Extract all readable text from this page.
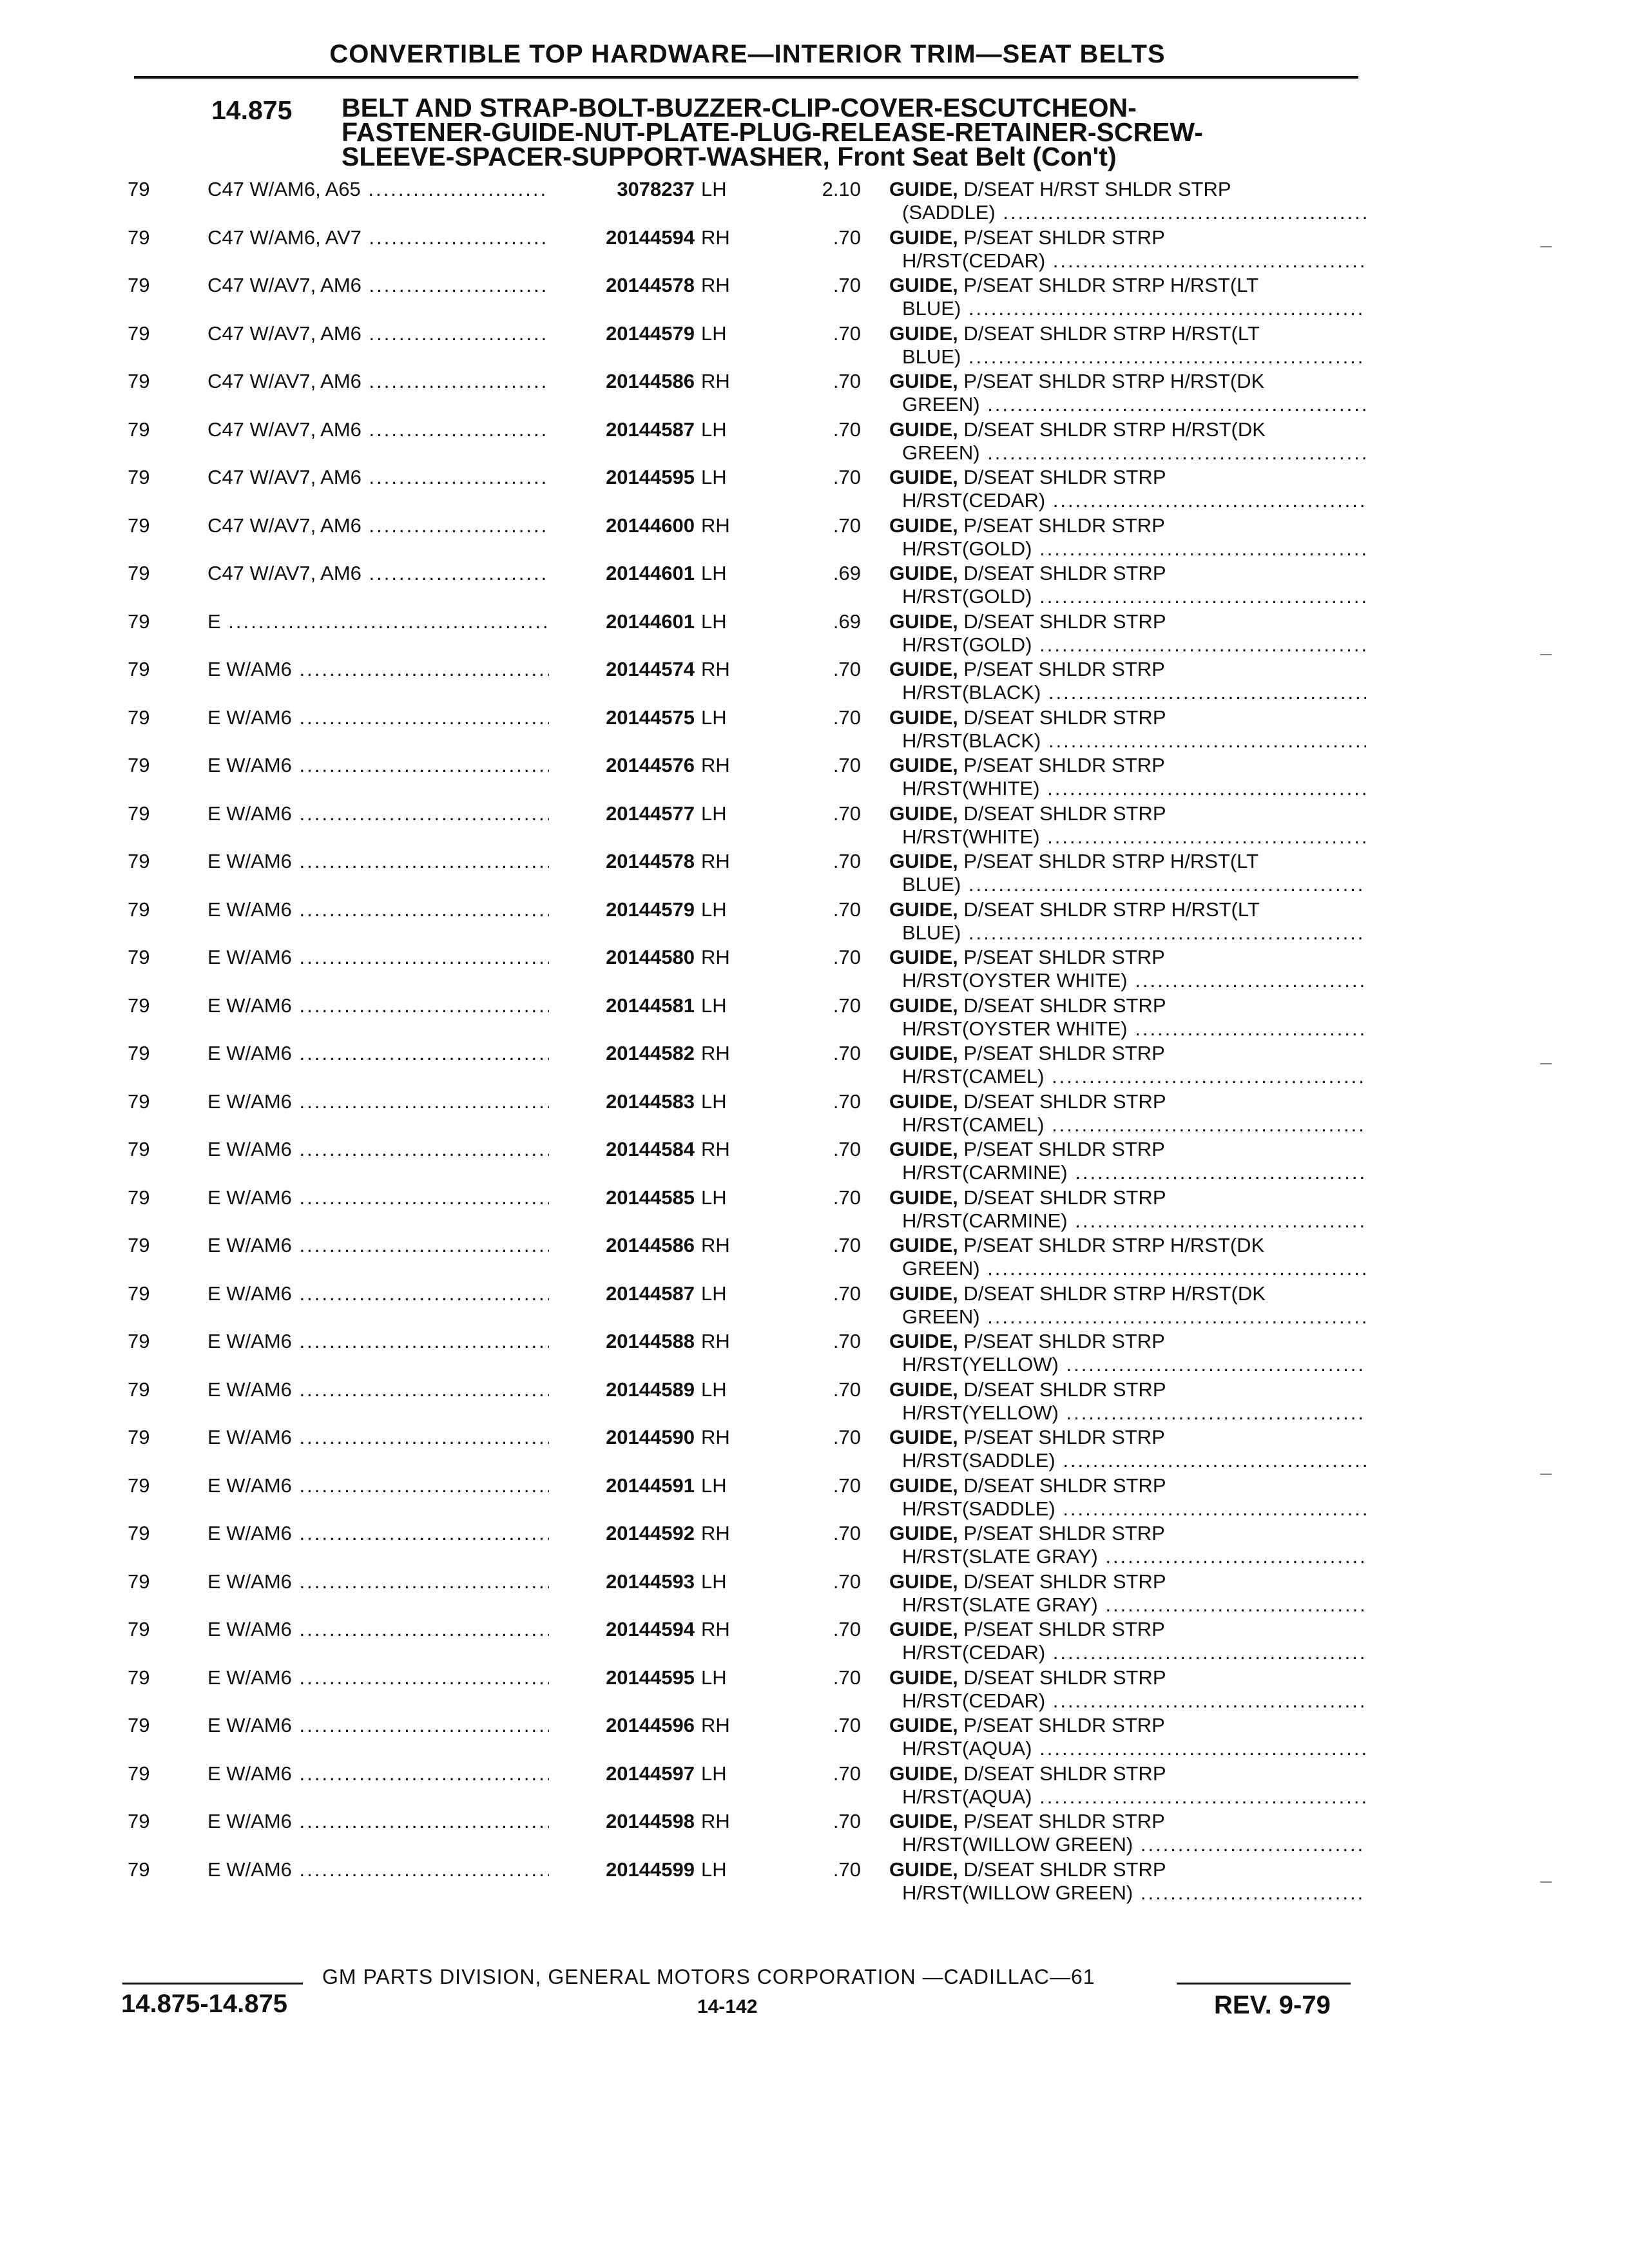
CONVERTIBLE TOP HARDWARE—INTERIOR TRIM—SEAT BELTS
14.875 BELT AND STRAP-BOLT-BUZZER-CLIP-COVER-ESCUTCHEON-
FASTENER-GUIDE-NUT-PLATE-PLUG-RELEASE-RETAINER-SCREW-
SLEEVE-SPACER-SUPPORT-WASHER, Front Seat Belt (Con't)
79	C47 W/AM6, A65 .....	3078237 LH	2.10 GUIDE, D/SEAT H/RST SHLDR STRP
(SADDLE) .....
79	C47 W/AM6, AV7 .....	20144594 RH	.70 GUIDE, P/SEAT SHLDR STRP
H/RST(CEDAR) .....
79	C47 W/AV7, AM6 .....	20144578 RH	.70 GUIDE, P/SEAT SHLDR STRP H/RST(LT
BLUE) .....
79	C47 W/AV7, AM6 .....	20144579 LH	.70 GUIDE, D/SEAT SHLDR STRP H/RST(LT
BLUE) .....
79	C47 W/AV7, AM6 .....	20144586 RH	.70 GUIDE, P/SEAT SHLDR STRP H/RST(DK
GREEN) .....
79	C47 W/AV7, AM6 .....	20144587 LH	.70 GUIDE, D/SEAT SHLDR STRP H/RST(DK
GREEN) .....
79	C47 W/AV7, AM6 .....	20144595 LH	.70 GUIDE, D/SEAT SHLDR STRP
H/RST(CEDAR) .....
79	C47 W/AV7, AM6 .....	20144600 RH	.70 GUIDE, P/SEAT SHLDR STRP
H/RST(GOLD) .....
79	C47 W/AV7, AM6 .....	20144601 LH	.69 GUIDE, D/SEAT SHLDR STRP
H/RST(GOLD) .....
79	E .....	20144601 LH	.69 GUIDE, D/SEAT SHLDR STRP
H/RST(GOLD) .....
79	E W/AM6 .....	20144574 RH	.70 GUIDE, P/SEAT SHLDR STRP
H/RST(BLACK) .....
79	E W/AM6 .....	20144575 LH	.70 GUIDE, D/SEAT SHLDR STRP
H/RST(BLACK) .....
79	E W/AM6 .....	20144576 RH	.70 GUIDE, P/SEAT SHLDR STRP
H/RST(WHITE) .....
79	E W/AM6 .....	20144577 LH	.70 GUIDE, D/SEAT SHLDR STRP
H/RST(WHITE) .....
79	E W/AM6 .....	20144578 RH	.70 GUIDE, P/SEAT SHLDR STRP H/RST(LT
BLUE) .....
79	E W/AM6 .....	20144579 LH	.70 GUIDE, D/SEAT SHLDR STRP H/RST(LT
BLUE) .....
79	E W/AM6 .....	20144580 RH	.70 GUIDE, P/SEAT SHLDR STRP
H/RST(OYSTER WHITE) .....
79	E W/AM6 .....	20144581 LH	.70 GUIDE, D/SEAT SHLDR STRP
H/RST(OYSTER WHITE) .....
79	E W/AM6 .....	20144582 RH	.70 GUIDE, P/SEAT SHLDR STRP
H/RST(CAMEL) .....
79	E W/AM6 .....	20144583 LH	.70 GUIDE, D/SEAT SHLDR STRP
H/RST(CAMEL) .....
79	E W/AM6 .....	20144584 RH	.70 GUIDE, P/SEAT SHLDR STRP
H/RST(CARMINE) .....
79	E W/AM6 .....	20144585 LH	.70 GUIDE, D/SEAT SHLDR STRP
H/RST(CARMINE) .....
79	E W/AM6 .....	20144586 RH	.70 GUIDE, P/SEAT SHLDR STRP H/RST(DK
GREEN) .....
79	E W/AM6 .....	20144587 LH	.70 GUIDE, D/SEAT SHLDR STRP H/RST(DK
GREEN) .....
79	E W/AM6 .....	20144588 RH	.70 GUIDE, P/SEAT SHLDR STRP
H/RST(YELLOW) .....
79	E W/AM6 .....	20144589 LH	.70 GUIDE, D/SEAT SHLDR STRP
H/RST(YELLOW) .....
79	E W/AM6 .....	20144590 RH	.70 GUIDE, P/SEAT SHLDR STRP
H/RST(SADDLE) .....
79	E W/AM6 .....	20144591 LH	.70 GUIDE, D/SEAT SHLDR STRP
H/RST(SADDLE) .....
79	E W/AM6 .....	20144592 RH	.70 GUIDE, P/SEAT SHLDR STRP
H/RST(SLATE GRAY) .....
79	E W/AM6 .....	20144593 LH	.70 GUIDE, D/SEAT SHLDR STRP
H/RST(SLATE GRAY) .....
79	E W/AM6 .....	20144594 RH	.70 GUIDE, P/SEAT SHLDR STRP
H/RST(CEDAR) .....
79	E W/AM6 .....	20144595 LH	.70 GUIDE, D/SEAT SHLDR STRP
H/RST(CEDAR) .....
79	E W/AM6 .....	20144596 RH	.70 GUIDE, P/SEAT SHLDR STRP
H/RST(AQUA) .....
79	E W/AM6 .....	20144597 LH	.70 GUIDE, D/SEAT SHLDR STRP
H/RST(AQUA) .....
79	E W/AM6 .....	20144598 RH	.70 GUIDE, P/SEAT SHLDR STRP
H/RST(WILLOW GREEN) .....
79	E W/AM6 .....	20144599 LH	.70 GUIDE, D/SEAT SHLDR STRP
H/RST(WILLOW GREEN) .....
GM PARTS DIVISION, GENERAL MOTORS CORPORATION —CADILLAC—61
14.875-14.875	14-142	REV. 9-79
